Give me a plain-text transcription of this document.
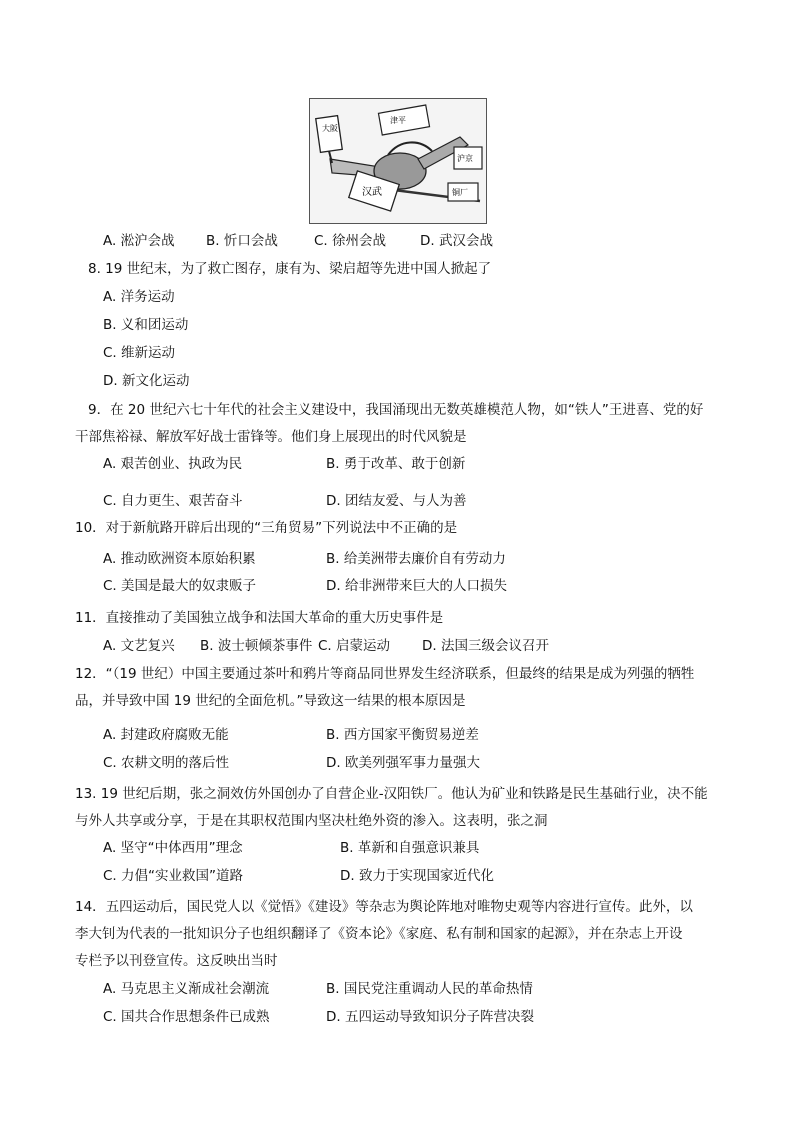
大阪
津平
沪京
汉武	铜厂
A. 淞沪会战 B. 忻口会战	C. 徐州会战	D. 武汉会战
8. 19 世纪末，为了救亡图存，康有为、梁启超等先进中国人掀起了
A. 洋务运动
B. 义和团运动
C. 维新运动
D. 新文化运动
9．在 20 世纪六七十年代的社会主义建设中，我国涌现出无数英雄模范人物，如“铁人”王进喜、党的好
干部焦裕禄、解放军好战士雷锋等。他们身上展现出的时代风貌是
A. 艰苦创业、执政为民	B. 勇于改革、敢于创新
C. 自力更生、艰苦奋斗	D. 团结友爱、与人为善
10．对于新航路开辟后出现的“三角贸易”下列说法中不正确的是
A. 推动欧洲资本原始积累	B. 给美洲带去廉价自有劳动力
C. 美国是最大的奴隶贩子	D. 给非洲带来巨大的人口损失
11．直接推动了美国独立战争和法国大革命的重大历史事件是
A. 文艺复兴 B. 波士顿倾茶事件 C. 启蒙运动 D. 法国三级会议召开
12．“（19 世纪）中国主要通过茶叶和鸦片等商品同世界发生经济联系，但最终的结果是成为列强的牺牲
品，并导致中国 19 世纪的全面危机。”导致这一结果的根本原因是
A. 封建政府腐败无能	B. 西方国家平衡贸易逆差
C. 农耕文明的落后性	D. 欧美列强军事力量强大
13. 19 世纪后期，张之洞效仿外国创办了自营企业-汉阳铁厂。他认为矿业和铁路是民生基础行业，决不能
与外人共享或分享，于是在其职权范围内坚决杜绝外资的渗入。这表明，张之洞
A. 坚守“中体西用”理念	B. 革新和自强意识兼具
C. 力倡“实业救国”道路	D. 致力于实现国家近代化
14．五四运动后，国民党人以《觉悟》《建设》等杂志为舆论阵地对唯物史观等内容进行宣传。此外，以
李大钊为代表的一批知识分子也组织翻译了《资本论》《家庭、私有制和国家的起源》，并在杂志上开设
专栏予以刊登宣传。这反映出当时
A. 马克思主义渐成社会潮流	B. 国民党注重调动人民的革命热情
C. 国共合作思想条件已成熟	D. 五四运动导致知识分子阵营决裂
